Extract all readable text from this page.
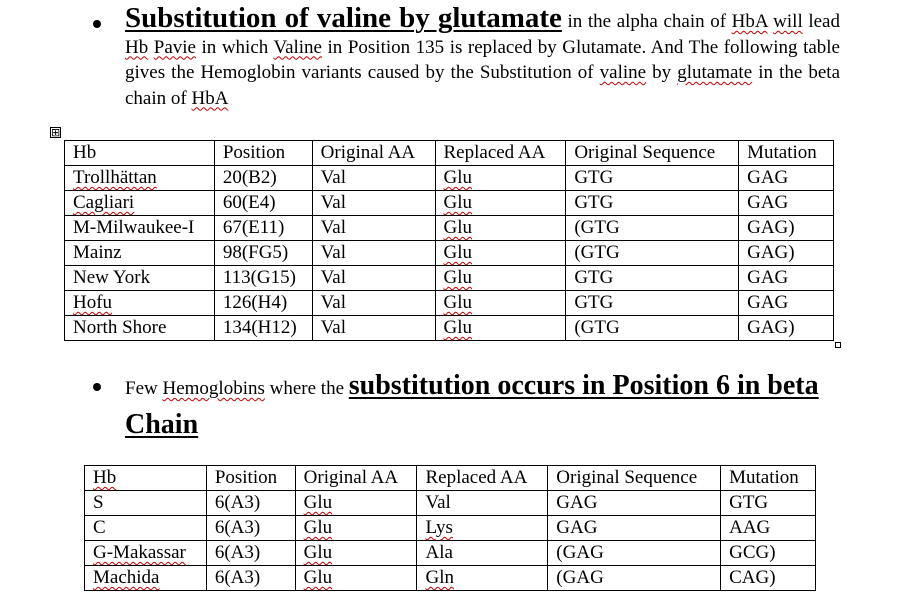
Substitution of valine by glutamate in the alpha chain of HbA will lead Hb Pavie in which Valine in Position 135 is replaced by Glutamate. And The following table gives the Hemoglobin variants caused by the Substitution of valine by glutamate in the beta chain of HbA
⊞
Hb	Position	Original AA	Replaced AA	Original Sequence	Mutation
Trollhättan	20(B2)	Val	Glu	GTG	GAG
Cagliari	60(E4)	Val	Glu	GTG	GAG
M-Milwaukee-I	67(E11)	Val	Glu	(GTG	GAG)
Mainz	98(FG5)	Val	Glu	(GTG	GAG)
New York	113(G15)	Val	Glu	GTG	GAG
Hofu	126(H4)	Val	Glu	GTG	GAG
North Shore	134(H12)	Val	Glu	(GTG	GAG)
Few Hemoglobins where the substitution occurs in Position 6 in beta Chain
Hb	Position	Original AA	Replaced AA	Original Sequence	Mutation
S	6(A3)	Glu	Val	GAG	GTG
C	6(A3)	Glu	Lys	GAG	AAG
G-Makassar	6(A3)	Glu	Ala	(GAG	GCG)
Machida	6(A3)	Glu	Gln	(GAG	CAG)
